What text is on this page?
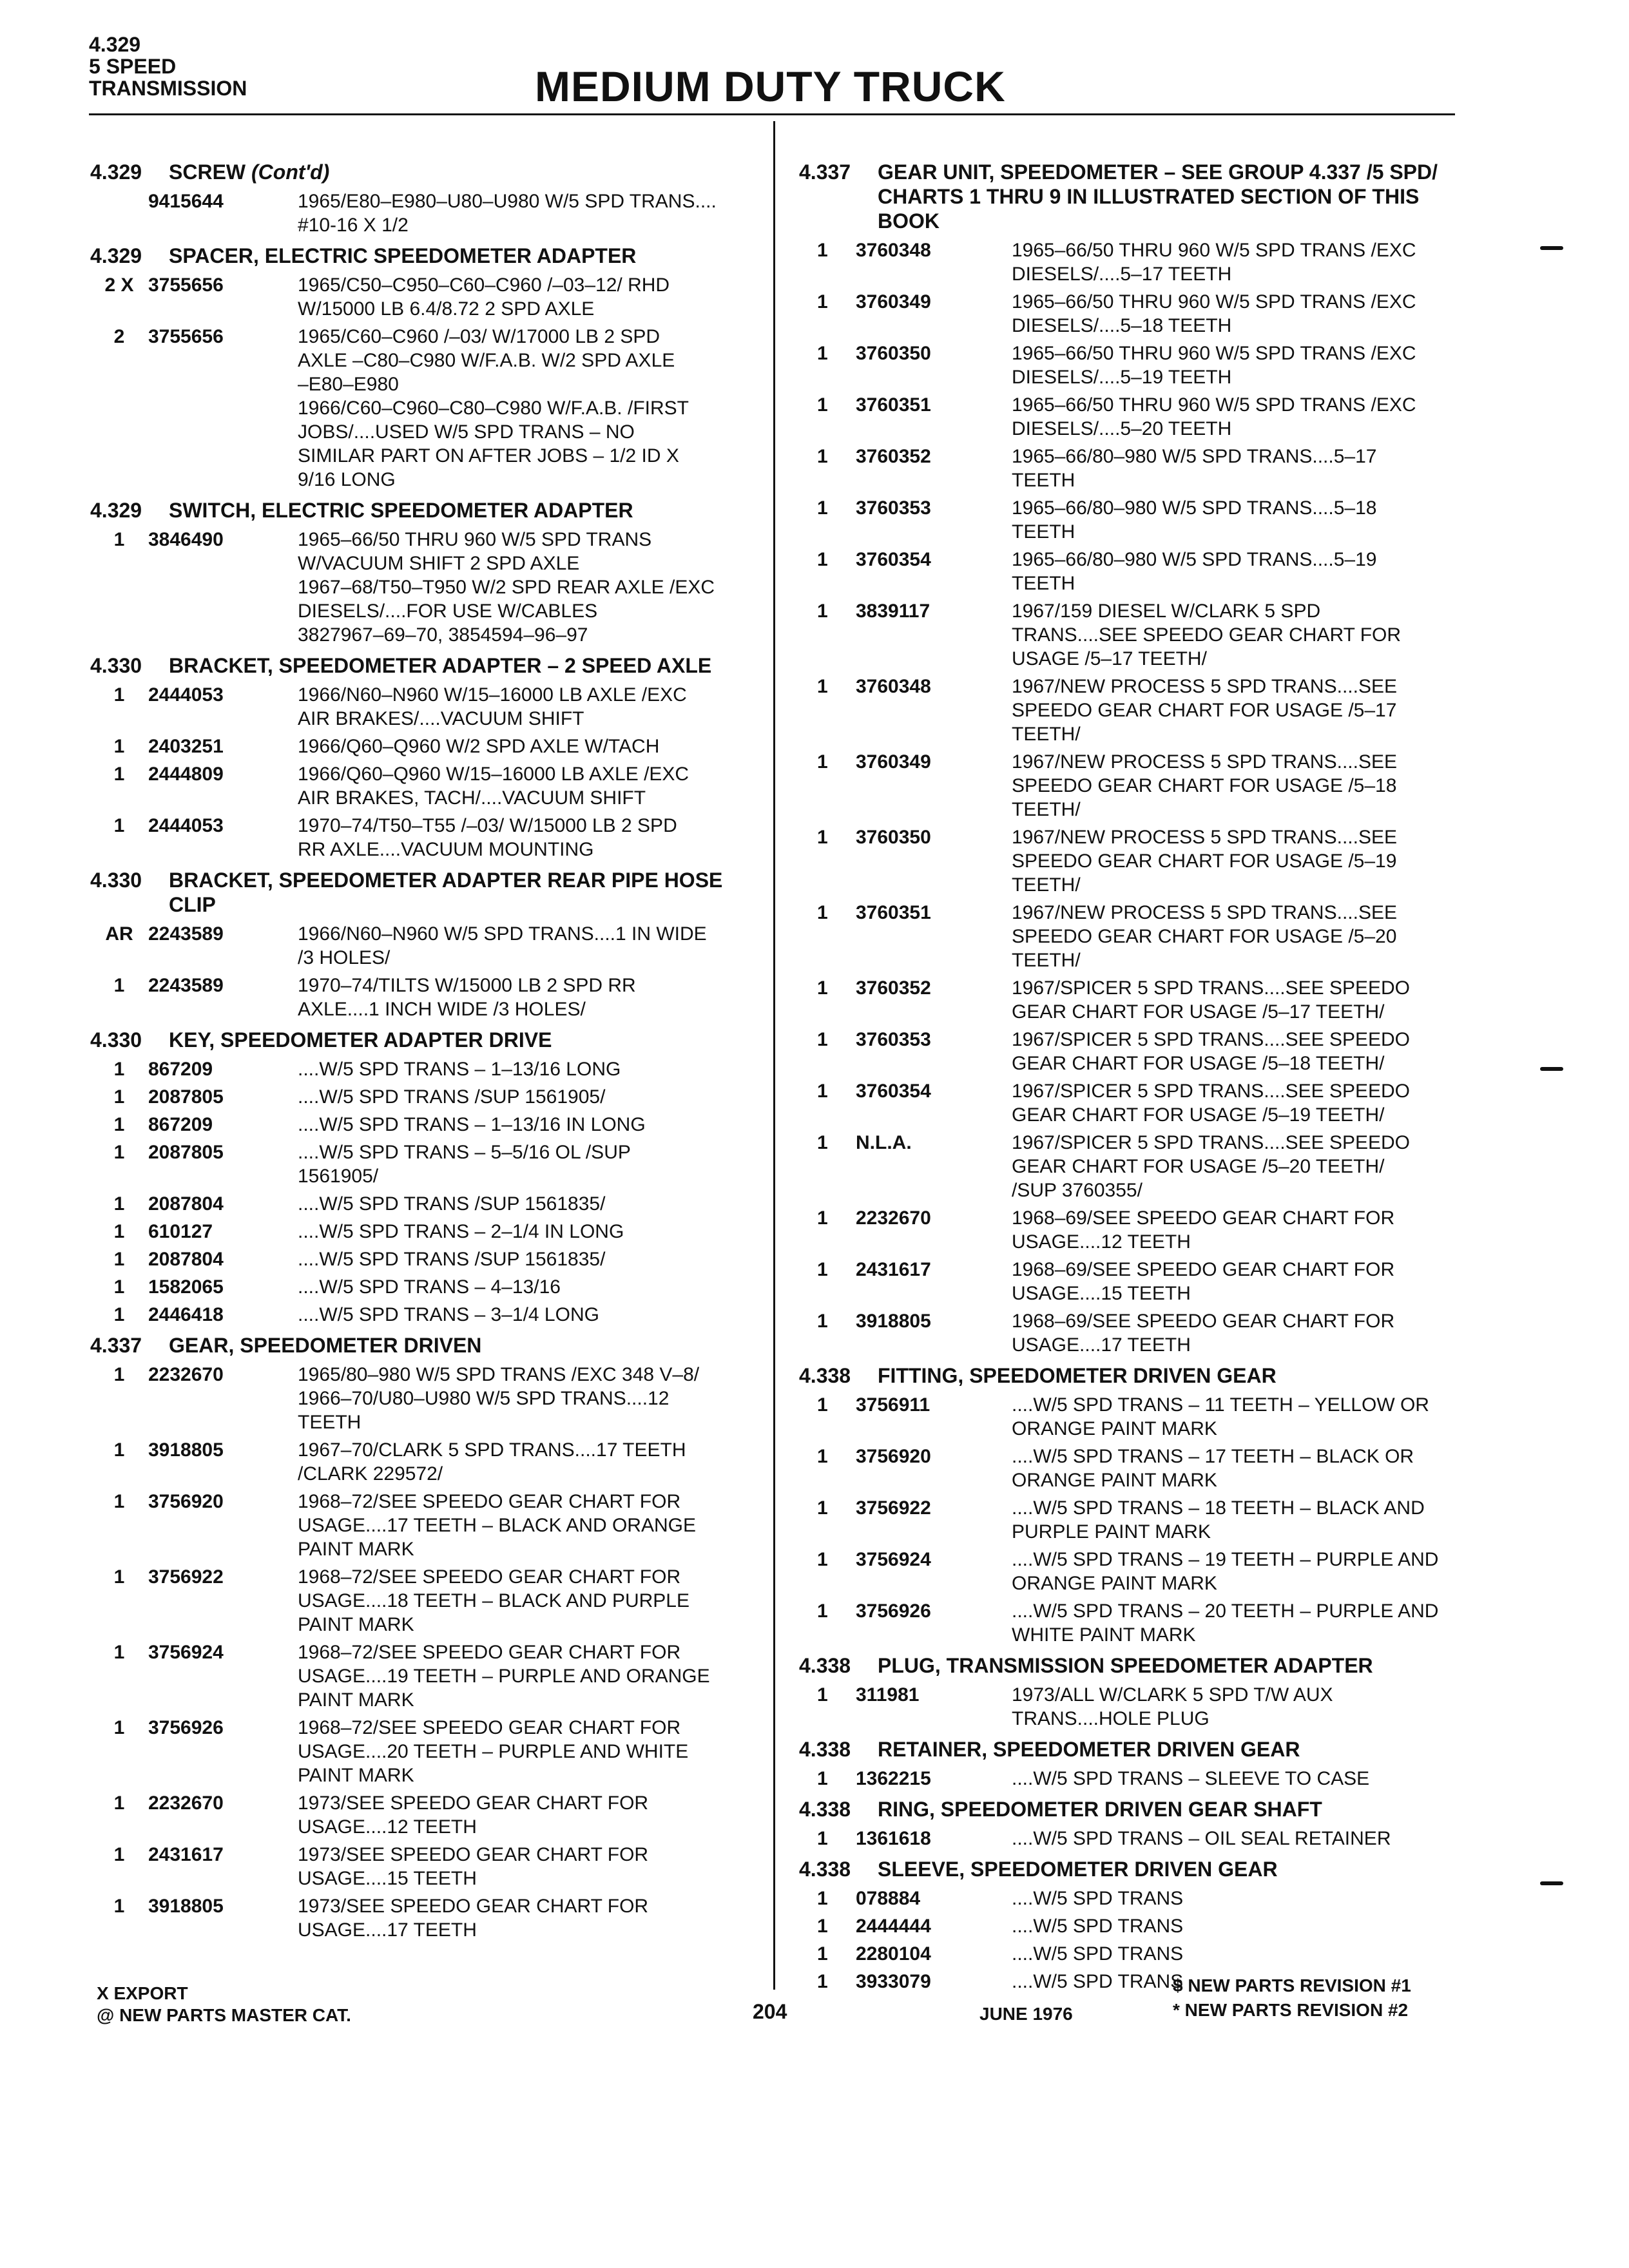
4.329
5 SPEED
TRANSMISSION	MEDIUM DUTY TRUCK
4.329	SCREW (Cont'd)
9415644	1965/E80–E980–U80–U980 W/5 SPD TRANS....
#10-16 X 1/2
4.329	SPACER, ELECTRIC SPEEDOMETER ADAPTER
2 X 3755656	1965/C50–C950–C60–C960 /–03–12/ RHD
W/15000 LB 6.4/8.72 2 SPD AXLE
2	3755656	1965/C60–C960 /–03/ W/17000 LB 2 SPD
AXLE –C80–C980 W/F.A.B. W/2 SPD AXLE
–E80–E980
1966/C60–C960–C80–C980 W/F.A.B. /FIRST
JOBS/....USED W/5 SPD TRANS – NO
SIMILAR PART ON AFTER JOBS – 1/2 ID X
9/16 LONG
4.329	SWITCH, ELECTRIC SPEEDOMETER ADAPTER
1	3846490	1965–66/50 THRU 960 W/5 SPD TRANS
W/VACUUM SHIFT 2 SPD AXLE
1967–68/T50–T950 W/2 SPD REAR AXLE /EXC
DIESELS/....FOR USE W/CABLES
3827967–69–70, 3854594–96–97
4.330	BRACKET, SPEEDOMETER ADAPTER – 2 SPEED AXLE
1	2444053	1966/N60–N960 W/15–16000 LB AXLE /EXC
AIR BRAKES/....VACUUM SHIFT
1	2403251	1966/Q60–Q960 W/2 SPD AXLE W/TACH
1	2444809	1966/Q60–Q960 W/15–16000 LB AXLE /EXC
AIR BRAKES, TACH/....VACUUM SHIFT
1	2444053	1970–74/T50–T55 /–03/ W/15000 LB 2 SPD
RR AXLE....VACUUM MOUNTING
4.330	BRACKET, SPEEDOMETER ADAPTER REAR PIPE HOSE CLIP
AR 2243589	1966/N60–N960 W/5 SPD TRANS....1 IN WIDE
/3 HOLES/
1	2243589	1970–74/TILTS W/15000 LB 2 SPD RR
AXLE....1 INCH WIDE /3 HOLES/
4.330	KEY, SPEEDOMETER ADAPTER DRIVE
1	867209	....W/5 SPD TRANS – 1–13/16 LONG
1	2087805	....W/5 SPD TRANS /SUP 1561905/
1	867209	....W/5 SPD TRANS – 1–13/16 IN LONG
1	2087805	....W/5 SPD TRANS – 5–5/16 OL /SUP
1561905/
1	2087804	....W/5 SPD TRANS /SUP 1561835/
1	610127	....W/5 SPD TRANS – 2–1/4 IN LONG
1	2087804	....W/5 SPD TRANS /SUP 1561835/
1	1582065	....W/5 SPD TRANS – 4–13/16
1	2446418	....W/5 SPD TRANS – 3–1/4 LONG
4.337	GEAR, SPEEDOMETER DRIVEN
1	2232670	1965/80–980 W/5 SPD TRANS /EXC 348 V–8/
1966–70/U80–U980 W/5 SPD TRANS....12
TEETH
1	3918805	1967–70/CLARK 5 SPD TRANS....17 TEETH
/CLARK 229572/
1	3756920	1968–72/SEE SPEEDO GEAR CHART FOR
USAGE....17 TEETH – BLACK AND ORANGE
PAINT MARK
1	3756922	1968–72/SEE SPEEDO GEAR CHART FOR
USAGE....18 TEETH – BLACK AND PURPLE
PAINT MARK
1	3756924	1968–72/SEE SPEEDO GEAR CHART FOR
USAGE....19 TEETH – PURPLE AND ORANGE
PAINT MARK
1	3756926	1968–72/SEE SPEEDO GEAR CHART FOR
USAGE....20 TEETH – PURPLE AND WHITE
PAINT MARK
1	2232670	1973/SEE SPEEDO GEAR CHART FOR
USAGE....12 TEETH
1	2431617	1973/SEE SPEEDO GEAR CHART FOR
USAGE....15 TEETH
1	3918805	1973/SEE SPEEDO GEAR CHART FOR
USAGE....17 TEETH
4.337	GEAR UNIT, SPEEDOMETER – SEE GROUP 4.337 /5 SPD/ CHARTS 1 THRU 9 IN ILLUSTRATED SECTION OF THIS BOOK
1	3760348	1965–66/50 THRU 960 W/5 SPD TRANS /EXC
DIESELS/....5–17 TEETH
1	3760349	1965–66/50 THRU 960 W/5 SPD TRANS /EXC
DIESELS/....5–18 TEETH
1	3760350	1965–66/50 THRU 960 W/5 SPD TRANS /EXC
DIESELS/....5–19 TEETH
1	3760351	1965–66/50 THRU 960 W/5 SPD TRANS /EXC
DIESELS/....5–20 TEETH
1	3760352	1965–66/80–980 W/5 SPD TRANS....5–17
TEETH
1	3760353	1965–66/80–980 W/5 SPD TRANS....5–18
TEETH
1	3760354	1965–66/80–980 W/5 SPD TRANS....5–19
TEETH
1	3839117	1967/159 DIESEL W/CLARK 5 SPD
TRANS....SEE SPEEDO GEAR CHART FOR
USAGE /5–17 TEETH/
1	3760348	1967/NEW PROCESS 5 SPD TRANS....SEE
SPEEDO GEAR CHART FOR USAGE /5–17
TEETH/
1	3760349	1967/NEW PROCESS 5 SPD TRANS....SEE
SPEEDO GEAR CHART FOR USAGE /5–18
TEETH/
1	3760350	1967/NEW PROCESS 5 SPD TRANS....SEE
SPEEDO GEAR CHART FOR USAGE /5–19
TEETH/
1	3760351	1967/NEW PROCESS 5 SPD TRANS....SEE
SPEEDO GEAR CHART FOR USAGE /5–20
TEETH/
1	3760352	1967/SPICER 5 SPD TRANS....SEE SPEEDO
GEAR CHART FOR USAGE /5–17 TEETH/
1	3760353	1967/SPICER 5 SPD TRANS....SEE SPEEDO
GEAR CHART FOR USAGE /5–18 TEETH/
1	3760354	1967/SPICER 5 SPD TRANS....SEE SPEEDO
GEAR CHART FOR USAGE /5–19 TEETH/
1	N.L.A.	1967/SPICER 5 SPD TRANS....SEE SPEEDO
GEAR CHART FOR USAGE /5–20 TEETH/
/SUP 3760355/
1	2232670	1968–69/SEE SPEEDO GEAR CHART FOR
USAGE....12 TEETH
1	2431617	1968–69/SEE SPEEDO GEAR CHART FOR
USAGE....15 TEETH
1	3918805	1968–69/SEE SPEEDO GEAR CHART FOR
USAGE....17 TEETH
4.338	FITTING, SPEEDOMETER DRIVEN GEAR
1	3756911	....W/5 SPD TRANS – 11 TEETH – YELLOW OR
ORANGE PAINT MARK
1	3756920	....W/5 SPD TRANS – 17 TEETH – BLACK OR
ORANGE PAINT MARK
1	3756922	....W/5 SPD TRANS – 18 TEETH – BLACK AND
PURPLE PAINT MARK
1	3756924	....W/5 SPD TRANS – 19 TEETH – PURPLE AND
ORANGE PAINT MARK
1	3756926	....W/5 SPD TRANS – 20 TEETH – PURPLE AND
WHITE PAINT MARK
4.338	PLUG, TRANSMISSION SPEEDOMETER ADAPTER
1	311981	1973/ALL W/CLARK 5 SPD T/W AUX
TRANS....HOLE PLUG
4.338	RETAINER, SPEEDOMETER DRIVEN GEAR
1	1362215	....W/5 SPD TRANS – SLEEVE TO CASE
4.338	RING, SPEEDOMETER DRIVEN GEAR SHAFT
1	1361618	....W/5 SPD TRANS – OIL SEAL RETAINER
4.338	SLEEVE, SPEEDOMETER DRIVEN GEAR
1	078884	....W/5 SPD TRANS
1	2444444	....W/5 SPD TRANS
1	2280104	....W/5 SPD TRANS
1	3933079	....W/5 SPD TRANS
X EXPORT
@ NEW PARTS MASTER CAT.	204	JUNE 1976
$ NEW PARTS REVISION #1
* NEW PARTS REVISION #2
